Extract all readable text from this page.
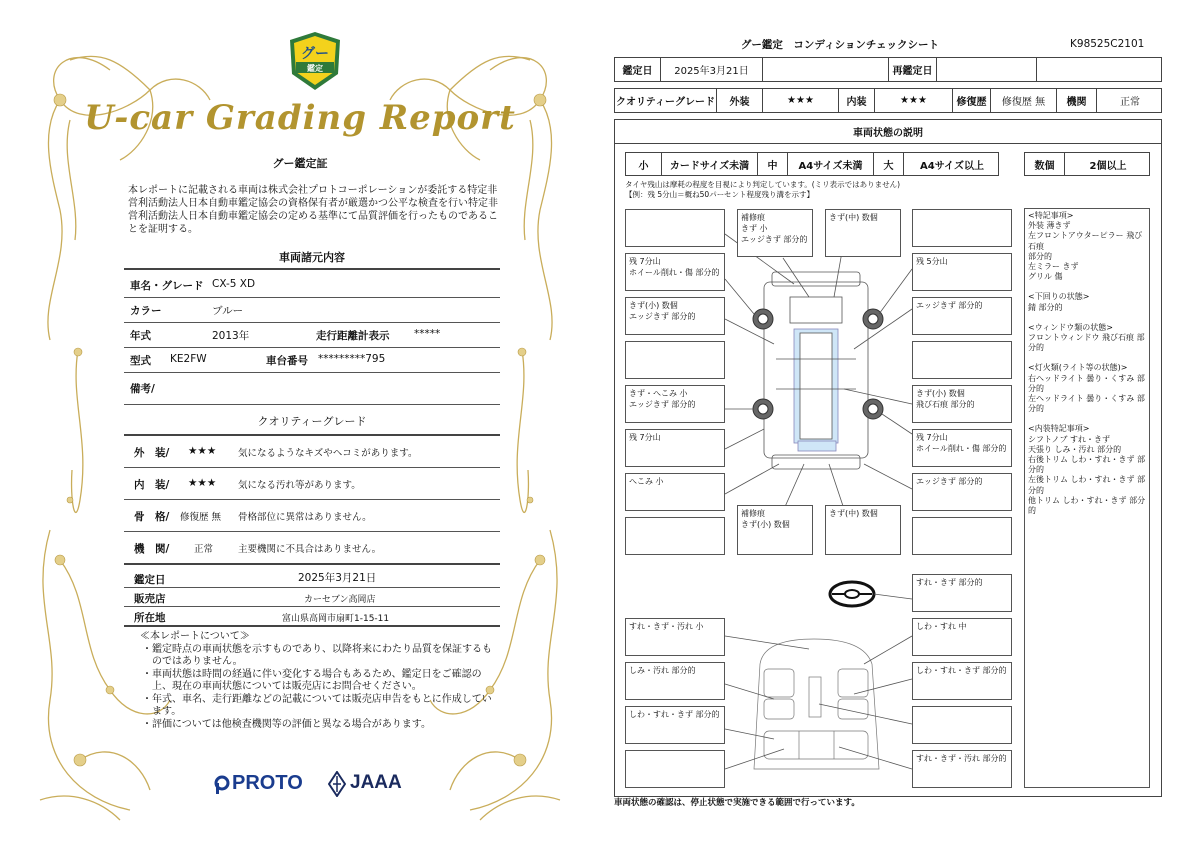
グー
鑑定
U-car Grading Report
グー鑑定証
本レポートに記載される車両は株式会社プロトコーポレーションが委託する特定非営利活動法人日本自動車鑑定協会の資格保有者が厳選かつ公平な検査を行い特定非営利活動法人日本自動車鑑定協会の定める基準にて品質評価を行ったものであることを証明する。
車両諸元内容
車名・グレード CX-5 XD
カラー	ブルー
年式	2013年	走行距離計表示 *****
型式 KE2FW	車台番号 *********795
備考/
クオリティーグレード
外　装/ ★★★ 気になるようなキズやヘコミがあります。
内　装/ ★★★ 気になる汚れ等があります。
骨　格/ 修復歴 無 骨格部位に異常はありません。
機　関/	正常	主要機関に不具合はありません。
鑑定日	2025年3月21日
販売店	カーセブン高岡店
所在地	富山県高岡市扇町1-15-11
≪本レポートについて≫
・鑑定時点の車両状態を示すものであり、以降将来にわたり品質を保証するものではありません。
・車両状態は時間の経過に伴い変化する場合もあるため、鑑定日をご確認の上、現在の車両状態については販売店にお問合せください。
・年式、車名、走行距離などの記載については販売店申告をもとに作成しています。
・評価については他検査機関等の評価と異なる場合があります。
PROTO JAAA
グー鑑定　コンディションチェックシート	K98525C2101
鑑定日	2025年3月21日	再鑑定日
クオリティーグレード	外装	★★★	内装	★★★	修復歴	修復歴 無	機関	正常
車両状態の説明
小	カードサイズ未満	中	A4サイズ未満	大	A4サイズ以上	数個	2個以上
タイヤ残山は摩耗の程度を目視により判定しています。(ミリ表示ではありません)
【例：残 5分山＝概ね50パーセント程度残り溝を示す】
補修痕
きず 小
エッジきず 部分的
きず(中) 数個
残 7分山
ホイール削れ・傷 部分的
きず(小) 数個
エッジきず 部分的
きず・へこみ 小
エッジきず 部分的
残 7分山
へこみ 小
残 5分山
エッジきず 部分的
きず(小) 数個
飛び石痕 部分的
残 7分山
ホイール削れ・傷 部分的
エッジきず 部分的
補修痕
きず(小) 数個
きず(中) 数個
すれ・きず 部分的
すれ・きず・汚れ 小
しみ・汚れ 部分的
しわ・すれ・きず 部分的
しわ・すれ 中
しわ・すれ・きず 部分的
すれ・きず・汚れ 部分的
<特記事項>
外装 薄きず
左フロントアウターピラー 飛び石痕
部分的
左ミラー きず
グリル 傷
<下回りの状態>
錆 部分的
<ウィンドウ類の状態>
フロントウィンドウ 飛び石痕 部分的
<灯火類(ライト等の状態)>
右ヘッドライト 曇り・くすみ 部分的
左ヘッドライト 曇り・くすみ 部分的
<内装特記事項>
シフトノブ すれ・きず
天張り しみ・汚れ 部分的
右後トリム しわ・すれ・きず 部分的
左後トリム しわ・すれ・きず 部分的
他トリム しわ・すれ・きず 部分的
車両状態の確認は、停止状態で実施できる範囲で行っています。
